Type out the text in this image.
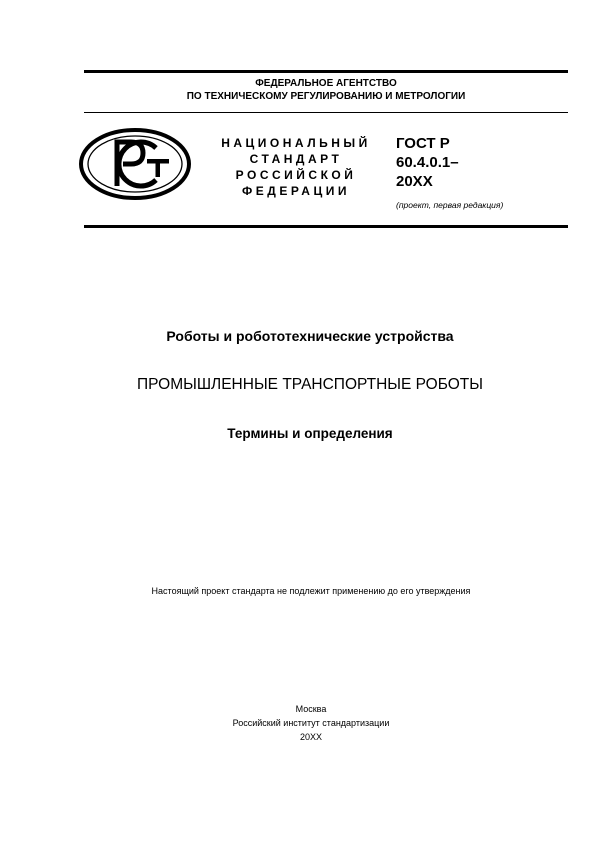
ФЕДЕРАЛЬНОЕ АГЕНТСТВО
ПО ТЕХНИЧЕСКОМУ РЕГУЛИРОВАНИЮ И МЕТРОЛОГИИ
НАЦИОНАЛЬНЫЙ
СТАНДАРТ
РОССИЙСКОЙ
ФЕДЕРАЦИИ
ГОСТ Р
60.4.0.1–
20ХХ
(проект, первая редакция)
Роботы и робототехнические устройства
ПРОМЫШЛЕННЫЕ ТРАНСПОРТНЫЕ РОБОТЫ
Термины и определения
Настоящий проект стандарта не подлежит применению до его утверждения
Москва
Российский институт стандартизации
20ХХ
